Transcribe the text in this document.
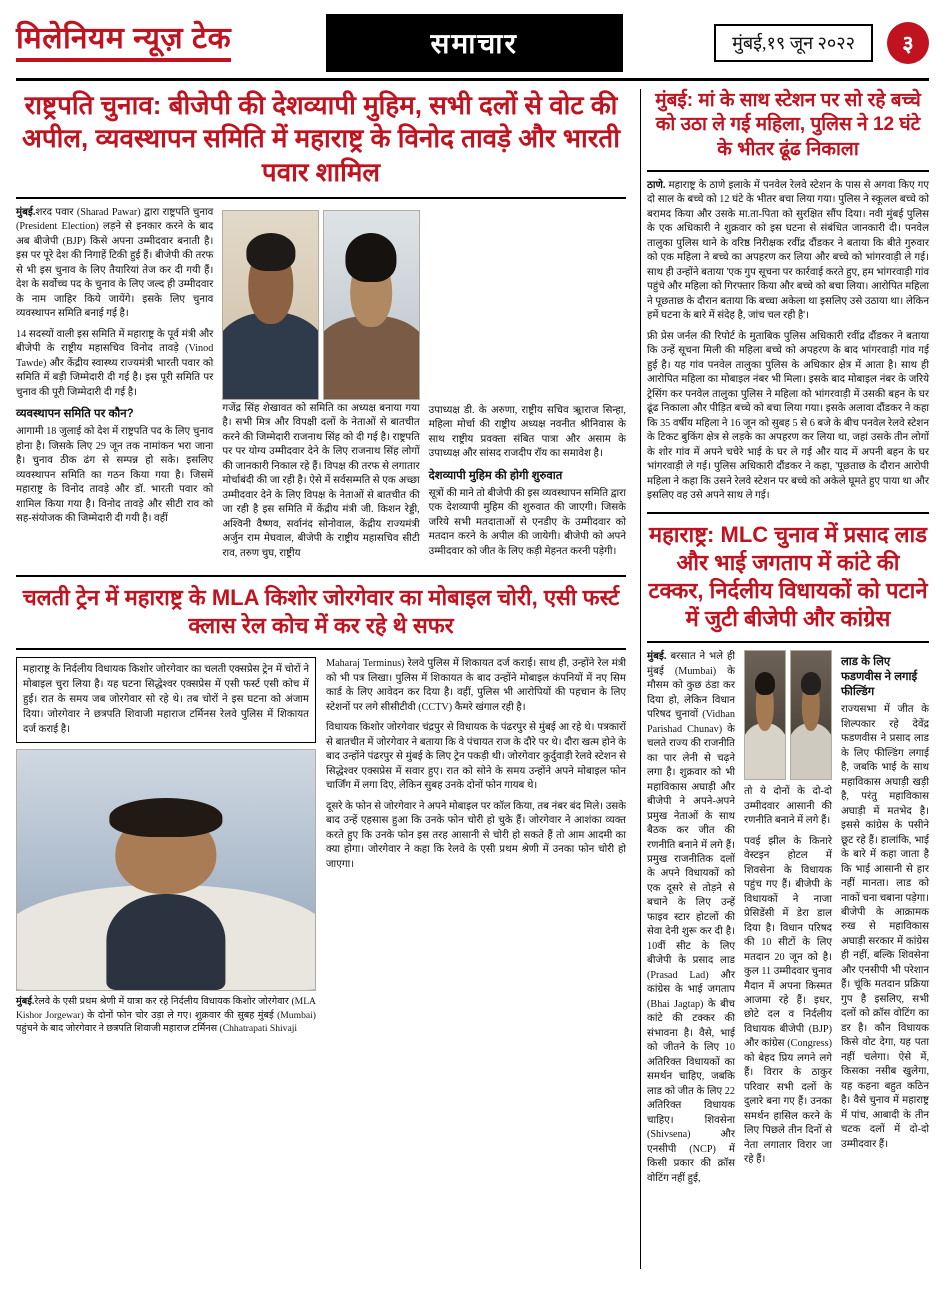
मिलेनियम न्यूज़ टेक	समाचार	मुंबई,१९ जून २०२२	३
राष्ट्रपति चुनाव: बीजेपी की देशव्यापी मुहिम, सभी दलों से वोट की अपील, व्यवस्थापन समिति में महाराष्ट्र के विनोद तावड़े और भारती पवार शामिल

मुंबई.शरद पवार (Sharad Pawar) द्वारा राष्ट्रपति चुनाव (President Election) लड़ने से इनकार करने के बाद अब बीजेपी (BJP) किसे अपना उम्मीदवार बनाती है। इस पर पूरे देश की निगाहें टिकी हुई हैं। बीजेपी की तरफ से भी इस चुनाव के लिए तैयारियां तेज कर दी गयी हैं। देश के सर्वोच्च पद के चुनाव के लिए जल्द ही उम्मीदवार के नाम जाहिर किये जायेंगे। इसके लिए चुनाव व्यवस्थापन समिति बनाई गई है।

14 सदस्यों वाली इस समिति में महाराष्ट्र के पूर्व मंत्री और बीजेपी के राष्ट्रीय महासचिव विनोद तावड़े (Vinod Tawde) और केंद्रीय स्वास्थ्य राज्यमंत्री भारती पवार को समिति में बड़ी जिम्मेदारी दी गई है। इस पूरी समिति पर चुनाव की पूरी जिम्मेदारी दी गई है।

व्यवस्थापन समिति पर कौन?

आगामी 18 जुलाई को देश में राष्ट्रपति पद के लिए चुनाव होना है। जिसके लिए 29 जून तक नामांकन भरा जाना है। चुनाव ठीक ढंग से सम्पन्न हो सके। इसलिए व्यवस्थापन समिति का गठन किया गया है। जिसमें महाराष्ट्र के विनोद तावड़े और डॉ. भारती पवार को शामिल किया गया है। विनोद तावड़े और सीटी राव को सह-संयोजक की जिम्मेदारी दी गयी है। वहीं

गजेंद्र सिंह शेखावत को समिति का अध्यक्ष बनाया गया है। सभी मित्र और विपक्षी दलों के नेताओं से बातचीत करने की जिम्मेदारी राजनाथ सिंह को दी गई है। राष्ट्रपति पर पर योग्य उम्मीदवार देने के लिए राजनाथ सिंह लोगों की जानकारी निकाल रहे हैं। विपक्ष की तरफ से लगातार मोर्चाबंदी की जा रही है। ऐसे में सर्वसम्मति से एक अच्छा उम्मीदवार देने के लिए विपक्ष के नेताओं से बातचीत की जा रही है इस समिति में केंद्रीय मंत्री जी. किशन रेड्डी, अश्विनी वैष्णव, सर्वानंद सोनोवाल, केंद्रीय राज्यमंत्री अर्जुन राम मेघवाल, बीजेपी के राष्ट्रीय महासचिव सीटी राव, तरुण चुघ, राष्ट्रीय

उपाध्यक्ष डी. के अरुणा, राष्ट्रीय सचिव ऋ्राराज सिन्हा, महिला मोर्चा की राष्ट्रीय अध्यक्ष नवनीत श्रीनिवास के साथ राष्ट्रीय प्रवक्ता संबित पात्रा और असाम के उपाध्यक्ष और सांसद राजदीप रॉय का समावेश है।

देशव्यापी मुहिम की होगी शुरुवात

सूत्रों की माने तो बीजेपी की इस व्यवस्थापन समिति द्वारा एक देशव्यापी मुहिम की शुरुवात की जाएगी। जिसके जरिये सभी मतदाताओं से एनडीए के उम्मीदवार को मतदान करने के अपील की जायेगी। बीजेपी को अपने उम्मीदवार को जीत के लिए कड़ी मेहनत करनी पड़ेगी।

चलती ट्रेन में महाराष्ट्र के MLA किशोर जोरगेवार का मोबाइल चोरी, एसी फर्स्ट क्लास रेल कोच में कर रहे थे सफर
महाराष्ट्र के निर्दलीय विधायक किशोर जोरगेवार का चलती एक्सप्रेस ट्रेन में चोरों ने मोबाइल चुरा लिया है। यह घटना सिद्धेश्वर एक्सप्रेस में एसी फर्स्ट एसी कोच में हुई। रात के समय जब जोरगेवार सो रहे थे। तब चोरों ने इस घटना को अंजाम दिया। जोरगेवार ने छत्रपति शिवाजी महाराज टर्मिनस रेलवे पुलिस में शिकायत दर्ज कराई है।

मुंबई.रेलवे के एसी प्रथम श्रेणी में यात्रा कर रहे निर्दलीय विधायक किशोर जोरगेवार (MLA Kishor Jorgewar) के दोनों फोन चोर उड़ा ले गए। शुक्रवार की सुबह मुंबई (Mumbai) पहुंचने के बाद जोरगेवार ने छत्रपति शिवाजी महाराज टर्मिनस (Chhatrapati Shivaji

Maharaj Terminus) रेलवे पुलिस में शिकायत दर्ज कराई। साथ ही, उन्होंने रेल मंत्री को भी पत्र लिखा। पुलिस में शिकायत के बाद उन्होंने मोबाइल कंपनियों में नए सिम कार्ड के लिए आवेदन कर दिया है। वहीं, पुलिस भी आरोपियों की पहचान के लिए स्टेशनों पर लगे सीसीटीवी (CCTV) कैमरे खंगाल रही है।

विधायक किशोर जोरगेवार चंद्रपुर से विधायक के पंढरपुर से मुंबई आ रहे थे। पत्रकारों से बातचीत में जोरगेवार ने बताया कि वे पंचायत राज के दौरे पर थे। दौरा खत्म होने के बाद उन्होंने पंढरपुर से मुंबई के लिए ट्रेन पकड़ी थी। जोरगेवार कुर्दुवाड़ी रेलवे स्टेशन से सिद्धेश्वर एक्सप्रेस में सवार हुए। रात को सोने के समय उन्होंने अपने मोबाइल फोन चार्जिंग में लगा दिए, लेकिन सुबह उनके दोनों फोन गायब थे।

दूसरे के फोन से जोरगेवार ने अपने मोबाइल पर कॉल किया, तब नंबर बंद मिले। उसके बाद उन्हें एहसास हुआ कि उनके फोन चोरी हो चुके हैं। जोरगेवार ने आशंका व्यक्त करते हुए कि उनके फोन इस तरह आसानी से चोरी हो सकते हैं तो आम आदमी का क्या होगा। जोरगेवार ने कहा कि रेलवे के एसी प्रथम श्रेणी में उनका फोन चोरी हो जाएगा।

मुंबई: मां के साथ स्टेशन पर सो रहे बच्चे को उठा ले गई महिला, पुलिस ने 12 घंटे के भीतर ढूंढ निकाला

ठाणे. महाराष्ट्र के ठाणे इलाके में पनवेल रेलवे स्टेशन के पास से अगवा किए गए दो साल के बच्चे को 12 घंटे के भीतर बचा लिया गया। पुलिस ने स्कूलल बच्चे को बरामद किया और उसके मा.ता-पिता को सुरक्षित सौंप दिया। नवी मुंबई पुलिस के एक अधिकारी ने शुक्रवार को इस घटना से संबंधित जानकारी दी। पनवेल तालुका पुलिस थाने के वरिष्ठ निरीक्षक रवींद्र दौंडकर ने बताया कि बीते गुरुवार को एक महिला ने बच्चे का अपहरण कर लिया और बच्चे को भांगरवाड़ी ले गई। साथ ही उन्होंने बताया 'एक गुप सूचना पर कार्रवाई करते हुए, हम भांगरवाड़ी गांव पहुंचे और महिला को गिरफ्तार किया और बच्चे को बचा लिया। आरोपित महिला ने पूछताछ के दौरान बताया कि बच्चा अकेला था इसलिए उसे उठाया था। लेकिन हमें घटना के बारे में संदेह है, जांच चल रही है'।

फ्री प्रेस जर्नल की रिपोर्ट के मुताबिक पुलिस अधिकारी रवींद्र दौंडकर ने बताया कि उन्हें सूचना मिली की महिला बच्चे को अपहरण के बाद भांगरवाड़ी गांव गई हुई है। यह गांव पनवेल तालुका पुलिस के अधिकार क्षेत्र में आता है। साथ ही आरोपित महिला का मोबाइल नंबर भी मिला। इसके बाद मोबाइल नंबर के जरिये ट्रेसिंग कर पनवेल तालुका पुलिस ने महिला को भांगरवाड़ी में उसकी बहन के घर ढूंढ निकाला और पीड़ित बच्चे को बचा लिया गया। इसके अलावा दौंडकर ने कहा कि 35 वर्षीय महिला ने 16 जून को सुबह 5 से 6 बजे के बीच पनवेल रेलवे स्टेशन के टिकट बुकिंग क्षेत्र से लड़के का अपहरण कर लिया था, जहां उसके तीन लोगों के शोर गांव में अपने चचेरे भाई के घर ले गई और याद में अपनी बहन के घर भांगरवाड़ी ले गई। पुलिस अधिकारी दौंडकर ने कहा, 'पूछताछ के दौरान आरोपी महिला ने कहा कि उसने रेलवे स्टेशन पर बच्चे को अकेले घूमते हुए पाया था और इसलिए वह उसे अपने साथ ले गई।

महाराष्ट्र: MLC चुनाव में प्रसाद लाड और भाई जगताप में कांटे की टक्कर, निर्दलीय विधायकों को पटाने में जुटी बीजेपी और कांग्रेस

मुंबई. बरसात ने भले ही मुंबई (Mumbai) के मौसम को कुछ ठंडा कर दिया हो, लेकिन विधान परिषद चुनावों (Vidhan Parishad Chunav) के चलते राज्य की राजनीति का पार लेनी से चढ़ने लगा है। शुक्रवार को भी महाविकास अघाड़ी और बीजेपी ने अपने-अपने प्रमुख नेताओं के साथ बैठक कर जीत की रणनीति बनाने में लगे हैं। प्रमुख राजनीतिक दलों के अपने विधायकों को एक दूसरे से तोड़ने से बचाने के लिए उन्हें फाइव स्टार होटलों की सेवा देनी शुरू कर दी है। 10वीं सीट के लिए बीजेपी के प्रसाद लाड (Prasad Lad) और कांग्रेस के भाई जगताप (Bhai Jagtap) के बीच कांटे की टक्कर की संभावना है। वैसे, भाई को जीतने के लिए 10 अतिरिक्त विधायकों का समर्थन चाहिए, जबकि लाड को जीत के लिए 22 अतिरिक्त विधायक चाहिए। शिवसेना (Shivsena) और एनसीपी (NCP) में किसी प्रकार की क्रॉस वोटिंग नहीं हुई,

तो ये दोनों के दो-दो उम्मीदवार आसानी की रणनीति बनाने में लगे हैं।

पवई झील के किनारे वेस्टइन होटल में शिवसेना के विधायक पहुंच गए हैं। बीजेपी के विधायकों ने नाजा प्रेसिडेंसी में डेरा डाल दिया है। विधान परिषद की 10 सीटों के लिए मतदान 20 जून को है। कुल 11 उम्मीदवार चुनाव मैदान में अपना किस्मत आजमा रहे हैं। इधर, छोटे दल व निर्दलीय विधायक बीजेपी (BJP) और कांग्रेस (Congress) को बेहद प्रिय लगने लगे हैं। विरार के ठाकुर परिवार सभी दलों के दुलारे बना गए हैं। उनका समर्थन हासिल करने के लिए पिछले तीन दिनों से नेता लगातार विरार जा रहे हैं।

लाड के लिए फडणवीस ने लगाई फील्डिंग

राज्यसभा में जीत के शिल्पकार रहे देवेंद्र फडणवीस ने प्रसाद लाड के लिए फील्डिंग लगाई है, जबकि भाई के साथ महाविकास अघाड़ी खड़ी है, परंतु महाविकास अघाड़ी में मतभेद है। इससे कांग्रेस के पसीने छूट रहे हैं। हालांकि, भाई के बारे में कहा जाता है कि भाई आसानी से हार नहीं मानता। लाड को नाकों चना चबाना पड़ेगा। बीजेपी के आक्रामक रुख से महाविकास अघाड़ी सरकार में कांग्रेस ही नहीं, बल्कि शिवसेना और एनसीपी भी परेशान हैं। चूंकि मतदान प्रक्रिया गुप है इसलिए, सभी दलों को क्रॉस वोटिंग का डर है। कौन विधायक किसे वोट देगा, यह पता नहीं चलेगा। ऐसे में, किसका नसीब खुलेगा, यह कहना बहुत कठिन है। वैसे चुनाव में महाराष्ट्र में पांच, आबादी के तीन चटक दलों में दो-दो उम्मीदवार हैं।
